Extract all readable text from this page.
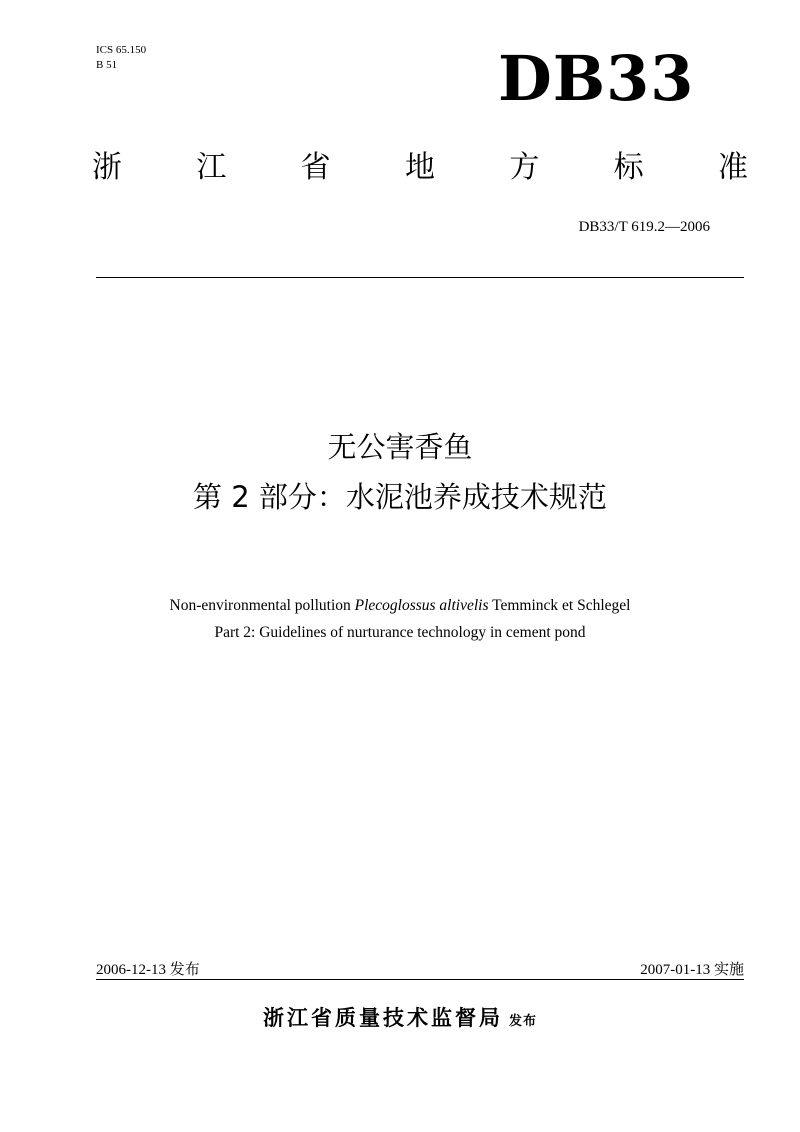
ICS 65.150
B 51	DB33
浙 江 省 地 方 标 准
DB33/T 619.2—2006
无公害香鱼
第 2 部分：水泥池养成技术规范
Non-environmental pollution Plecoglossus altivelis Temminck et Schlegel
Part 2: Guidelines of nurturance technology in cement pond
2006-12-13 发布	2007-01-13 实施
浙江省质量技术监督局 发布
